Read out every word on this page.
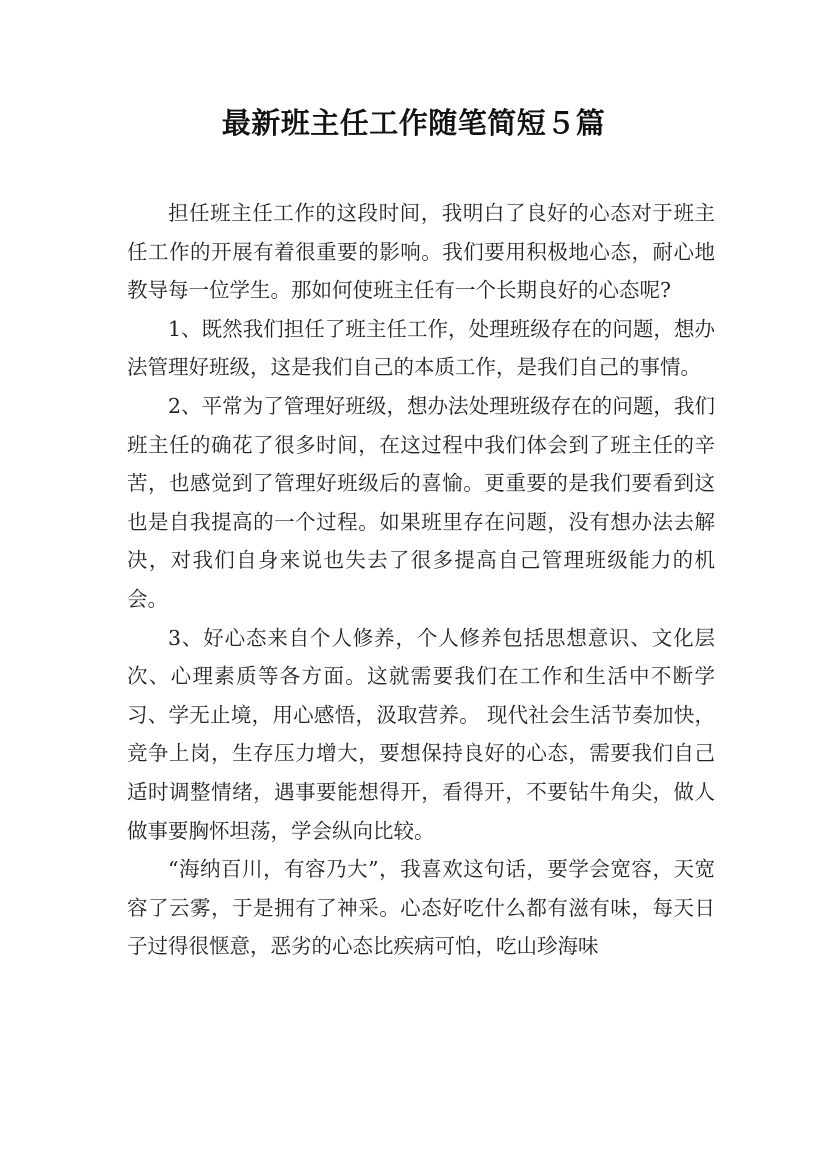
最新班主任工作随笔简短５篇

担任班主任工作的这段时间，我明白了良好的心态对于班主任工作的开展有着很重要的影响。我们要用积极地心态，耐心地教导每一位学生。那如何使班主任有一个长期良好的心态呢?

1、既然我们担任了班主任工作，处理班级存在的问题，想办法管理好班级，这是我们自己的本质工作，是我们自己的事情。

2、平常为了管理好班级，想办法处理班级存在的问题，我们班主任的确花了很多时间，在这过程中我们体会到了班主任的辛苦，也感觉到了管理好班级后的喜愉。更重要的是我们要看到这也是自我提高的一个过程。如果班里存在问题，没有想办法去解决，对我们自身来说也失去了很多提高自己管理班级能力的机会。

3、好心态来自个人修养，个人修养包括思想意识、文化层次、心理素质等各方面。这就需要我们在工作和生活中不断学习、学无止境，用心感悟，汲取营养。 现代社会生活节奏加快，竞争上岗，生存压力增大，要想保持良好的心态，需要我们自己适时调整情绪，遇事要能想得开，看得开，不要钻牛角尖，做人做事要胸怀坦荡，学会纵向比较。

“海纳百川，有容乃大”，我喜欢这句话，要学会宽容，天宽容了云雾，于是拥有了神采。心态好吃什么都有滋有味，每天日子过得很惬意，恶劣的心态比疾病可怕，吃山珍海味
